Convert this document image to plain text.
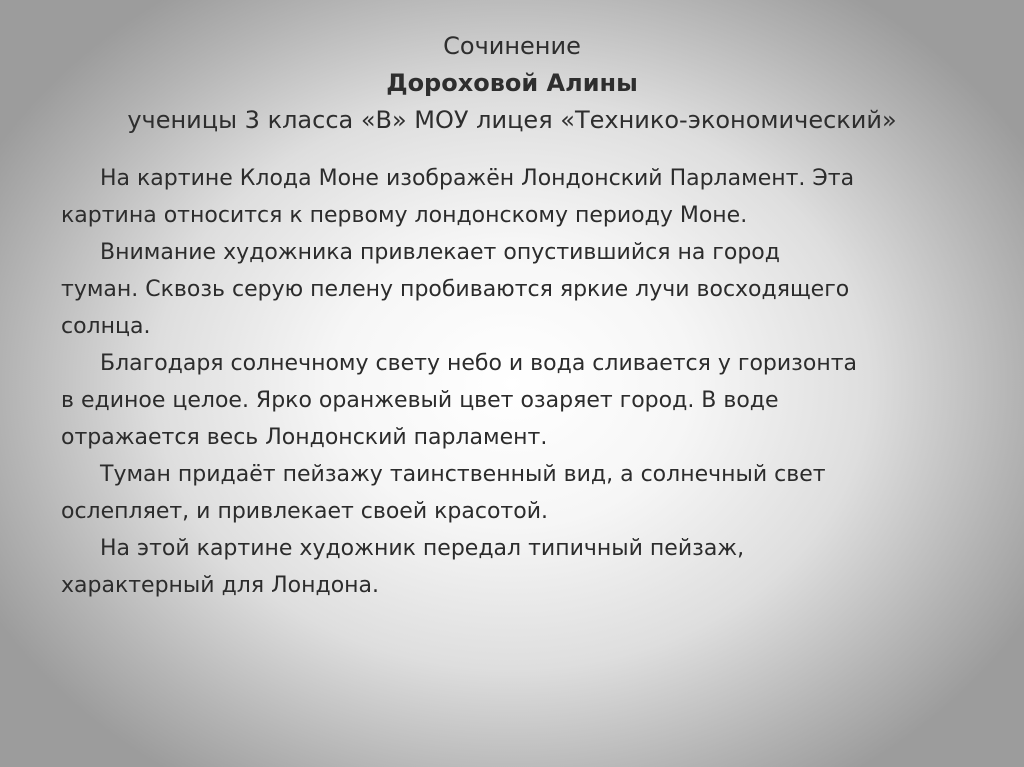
Сочинение
Дороховой Алины
ученицы 3 класса «В» МОУ лицея «Технико-экономический»

На картине Клода Моне изображён Лондонский Парламент. Эта картина относится к первому лондонскому периоду Моне.

Внимание художника привлекает опустившийся на город туман. Сквозь серую пелену пробиваются яркие лучи восходящего солнца.

Благодаря солнечному свету небо и вода сливается у горизонта в единое целое. Ярко оранжевый цвет озаряет город. В воде отражается весь Лондонский парламент.

Туман придаёт пейзажу таинственный вид, а солнечный свет ослепляет, и привлекает своей красотой.

На этой картине художник передал типичный пейзаж, характерный для Лондона.
